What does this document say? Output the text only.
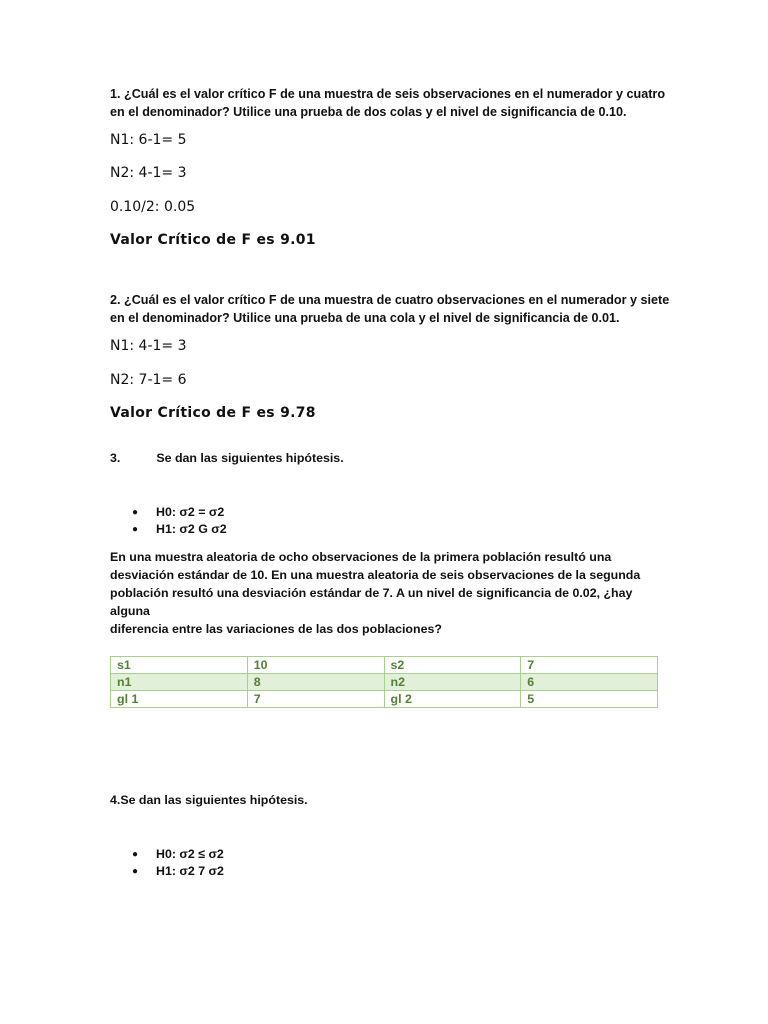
1. ¿Cuál es el valor crítico F de una muestra de seis observaciones en el numerador y cuatro

en el denominador? Utilice una prueba de dos colas y el nivel de significancia de 0.10.

N1: 6-1= 5

N2: 4-1= 3

0.10/2: 0.05

Valor Crítico de F es 9.01

2. ¿Cuál es el valor crítico F de una muestra de cuatro observaciones en el numerador y siete

en el denominador? Utilice una prueba de una cola y el nivel de significancia de 0.01.

N1: 4-1= 3

N2: 7-1= 6

Valor Crítico de F es 9.78

3.	Se dan las siguientes hipótesis.

● H0: σ2 = σ2
● H1: σ2 G σ2

En una muestra aleatoria de ocho observaciones de la primera población resultó una

desviación estándar de 10. En una muestra aleatoria de seis observaciones de la segunda

población resultó una desviación estándar de 7. A un nivel de significancia de 0.02, ¿hay alguna

diferencia entre las variaciones de las dos poblaciones?

s1	10	s2	7
n1	8	n2	6
gl 1	7	gl 2	5

4.Se dan las siguientes hipótesis.

● H0: σ2 ≤ σ2
● H1: σ2 7 σ2
